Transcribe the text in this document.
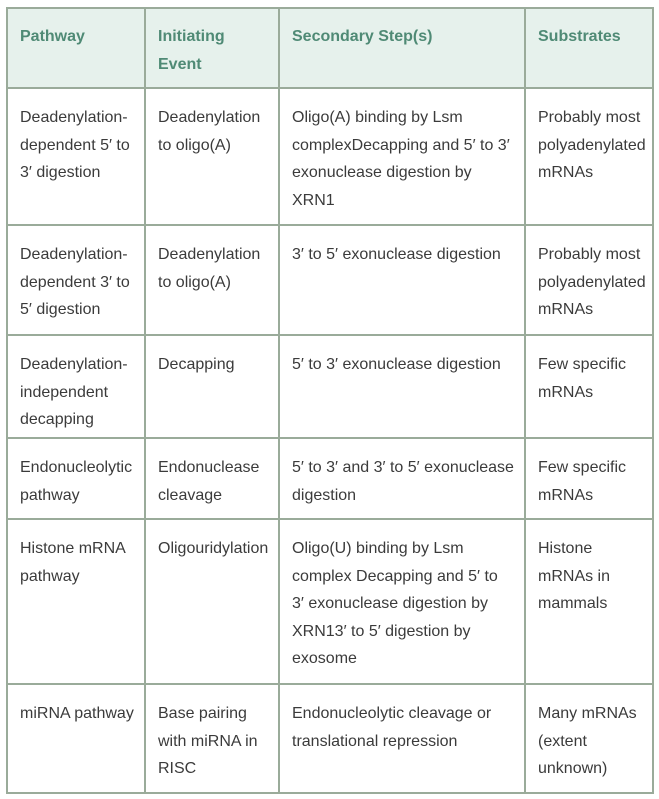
Pathway	Initiating Event	Secondary Step(s)	Substrates
Deadenylation-dependent 5′ to 3′ digestion	Deadenylation to oligo(A)	Oligo(A) binding by Lsm complexDecapping and 5′ to 3′ exonuclease digestion by XRN1	Probably most polyadenylated mRNAs
Deadenylation-dependent 3′ to 5′ digestion	Deadenylation to oligo(A)	3′ to 5′ exonuclease digestion	Probably most polyadenylated mRNAs
Deadenylation-independent decapping	Decapping	5′ to 3′ exonuclease digestion	Few specific mRNAs
Endonucleolytic pathway	Endonuclease cleavage	5′ to 3′ and 3′ to 5′ exonuclease digestion	Few specific mRNAs
Histone mRNA pathway	Oligouridylation	Oligo(U) binding by Lsm complex Decapping and 5′ to 3′ exonuclease digestion by XRN13′ to 5′ digestion by exosome	Histone mRNAs in mammals
miRNA pathway	Base pairing with miRNA in RISC	Endonucleolytic cleavage or translational repression	Many mRNAs (extent unknown)
